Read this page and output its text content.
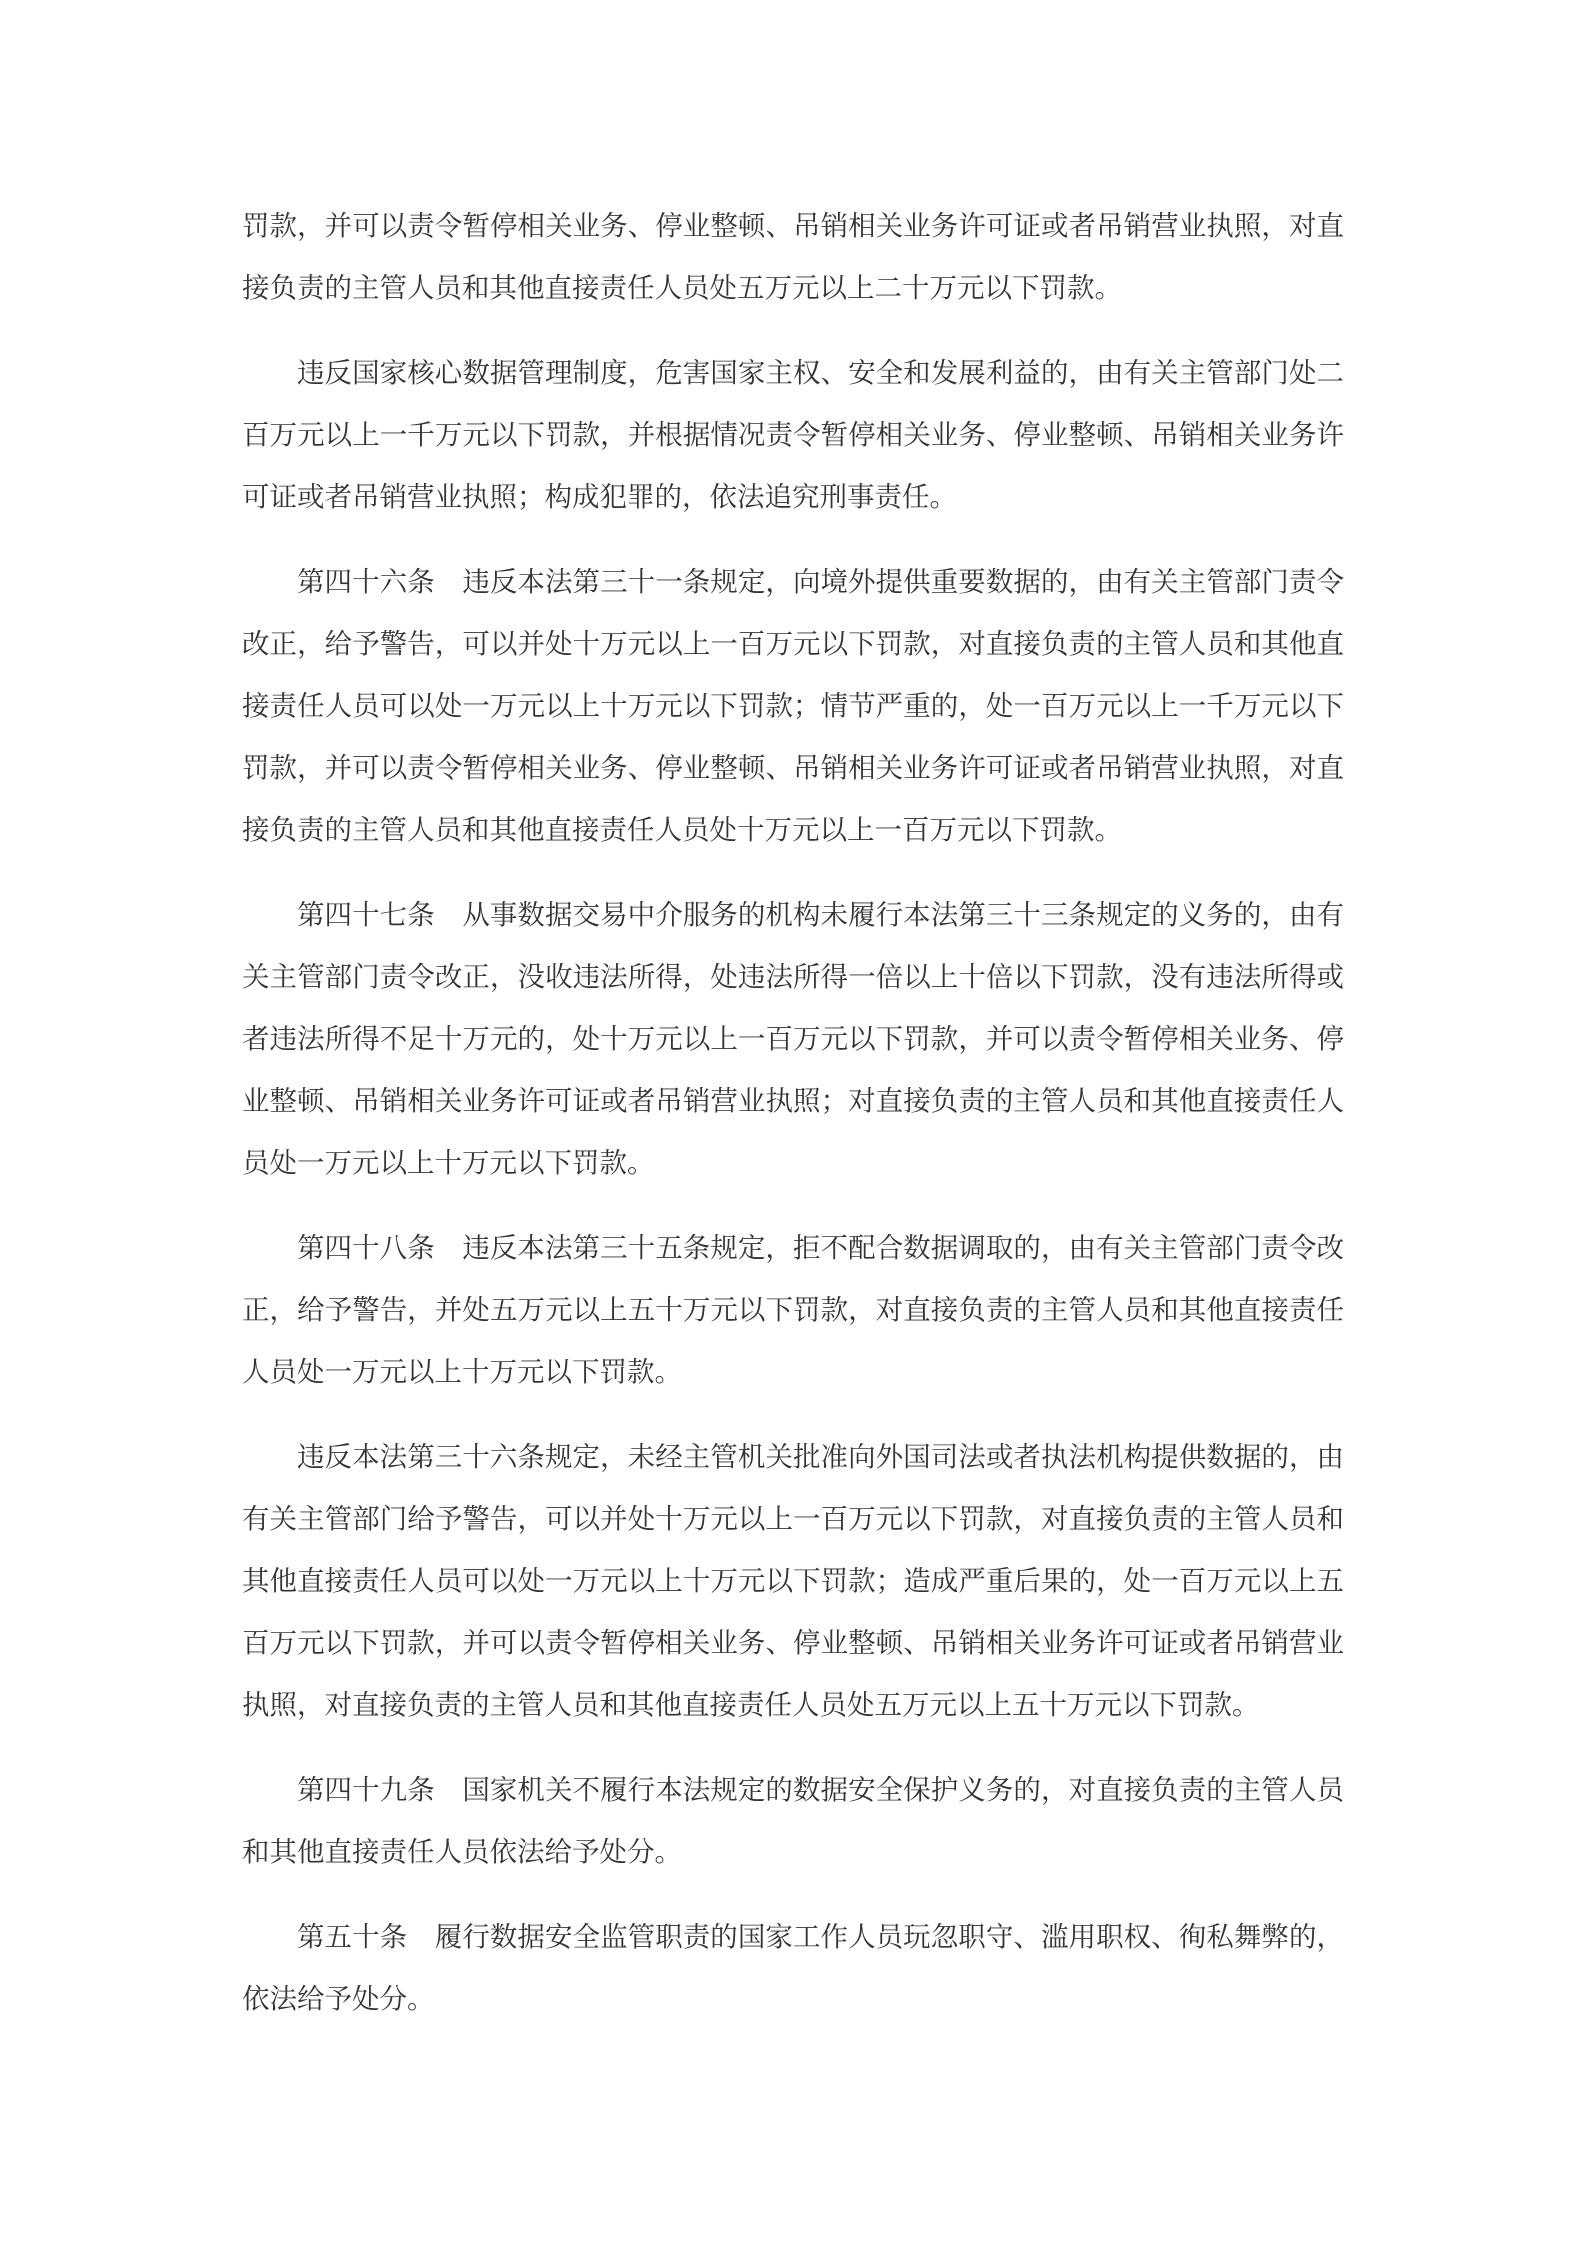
罚款，并可以责令暂停相关业务、停业整顿、吊销相关业务许可证或者吊销营业执照，对直接负责的主管人员和其他直接责任人员处五万元以上二十万元以下罚款。

违反国家核心数据管理制度，危害国家主权、安全和发展利益的，由有关主管部门处二百万元以上一千万元以下罚款，并根据情况责令暂停相关业务、停业整顿、吊销相关业务许可证或者吊销营业执照；构成犯罪的，依法追究刑事责任。

第四十六条　违反本法第三十一条规定，向境外提供重要数据的，由有关主管部门责令改正，给予警告，可以并处十万元以上一百万元以下罚款，对直接负责的主管人员和其他直接责任人员可以处一万元以上十万元以下罚款；情节严重的，处一百万元以上一千万元以下罚款，并可以责令暂停相关业务、停业整顿、吊销相关业务许可证或者吊销营业执照，对直接负责的主管人员和其他直接责任人员处十万元以上一百万元以下罚款。

第四十七条　从事数据交易中介服务的机构未履行本法第三十三条规定的义务的，由有关主管部门责令改正，没收违法所得，处违法所得一倍以上十倍以下罚款，没有违法所得或者违法所得不足十万元的，处十万元以上一百万元以下罚款，并可以责令暂停相关业务、停业整顿、吊销相关业务许可证或者吊销营业执照；对直接负责的主管人员和其他直接责任人员处一万元以上十万元以下罚款。

第四十八条　违反本法第三十五条规定，拒不配合数据调取的，由有关主管部门责令改正，给予警告，并处五万元以上五十万元以下罚款，对直接负责的主管人员和其他直接责任人员处一万元以上十万元以下罚款。

违反本法第三十六条规定，未经主管机关批准向外国司法或者执法机构提供数据的，由有关主管部门给予警告，可以并处十万元以上一百万元以下罚款，对直接负责的主管人员和其他直接责任人员可以处一万元以上十万元以下罚款；造成严重后果的，处一百万元以上五百万元以下罚款，并可以责令暂停相关业务、停业整顿、吊销相关业务许可证或者吊销营业执照，对直接负责的主管人员和其他直接责任人员处五万元以上五十万元以下罚款。

第四十九条　国家机关不履行本法规定的数据安全保护义务的，对直接负责的主管人员和其他直接责任人员依法给予处分。

第五十条　履行数据安全监管职责的国家工作人员玩忽职守、滥用职权、徇私舞弊的，依法给予处分。
